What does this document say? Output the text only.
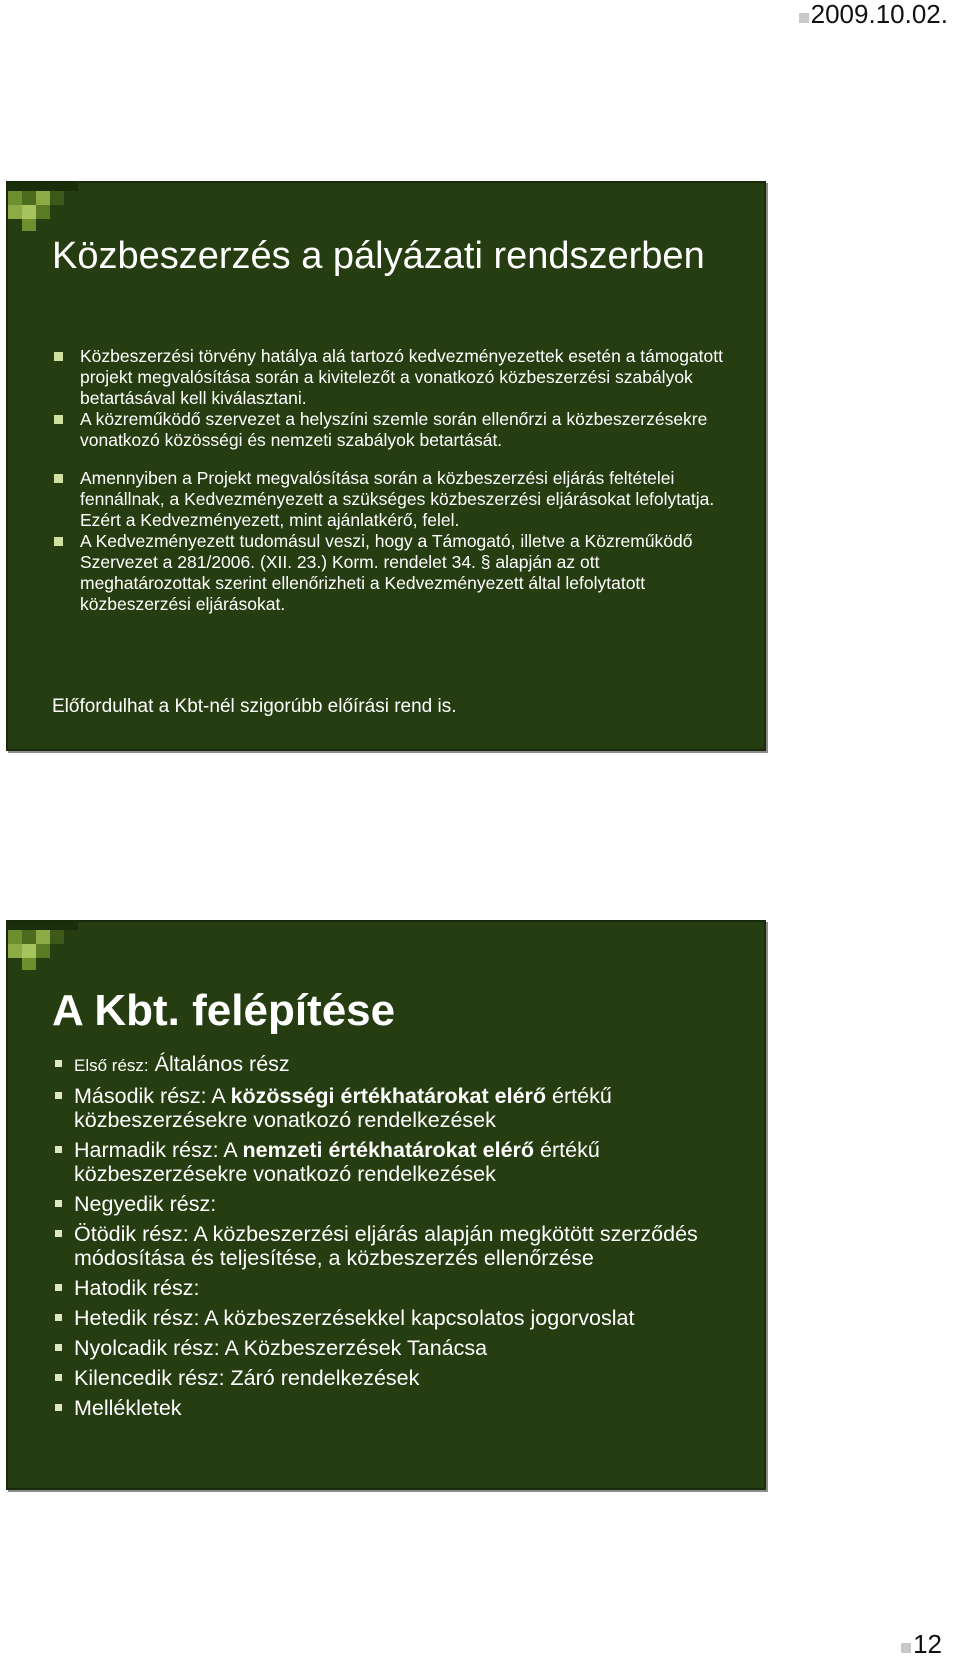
2009.10.02.
Közbeszerzés a pályázati rendszerben
Közbeszerzési törvény hatálya alá tartozó kedvezményezettek esetén a támogatott projekt megvalósítása során a kivitelezőt a vonatkozó közbeszerzési szabályok betartásával kell kiválasztani.
A közreműködő szervezet a helyszíni szemle során ellenőrzi a közbeszerzésekre vonatkozó közösségi és nemzeti szabályok betartását.
Amennyiben a Projekt megvalósítása során a közbeszerzési eljárás feltételei fennállnak, a Kedvezményezett a szükséges közbeszerzési eljárásokat lefolytatja. Ezért a Kedvezményezett, mint ajánlatkérő, felel.
A Kedvezményezett tudomásul veszi, hogy a Támogató, illetve a Közreműködő Szervezet a 281/2006. (XII. 23.) Korm. rendelet 34. § alapján az ott meghatározottak szerint ellenőrizheti a Kedvezményezett által lefolytatott közbeszerzési eljárásokat.
Előfordulhat a Kbt-nél szigorúbb előírási rend is.
A Kbt. felépítése
Első rész: Általános rész
Második rész: A közösségi értékhatárokat elérő értékű közbeszerzésekre vonatkozó rendelkezések
Harmadik rész: A nemzeti értékhatárokat elérő értékű közbeszerzésekre vonatkozó rendelkezések
Negyedik rész:
Ötödik rész: A közbeszerzési eljárás alapján megkötött szerződés módosítása és teljesítése, a közbeszerzés ellenőrzése
Hatodik rész:
Hetedik rész: A közbeszerzésekkel kapcsolatos jogorvoslat
Nyolcadik rész: A Közbeszerzések Tanácsa
Kilencedik rész: Záró rendelkezések
Mellékletek
12
